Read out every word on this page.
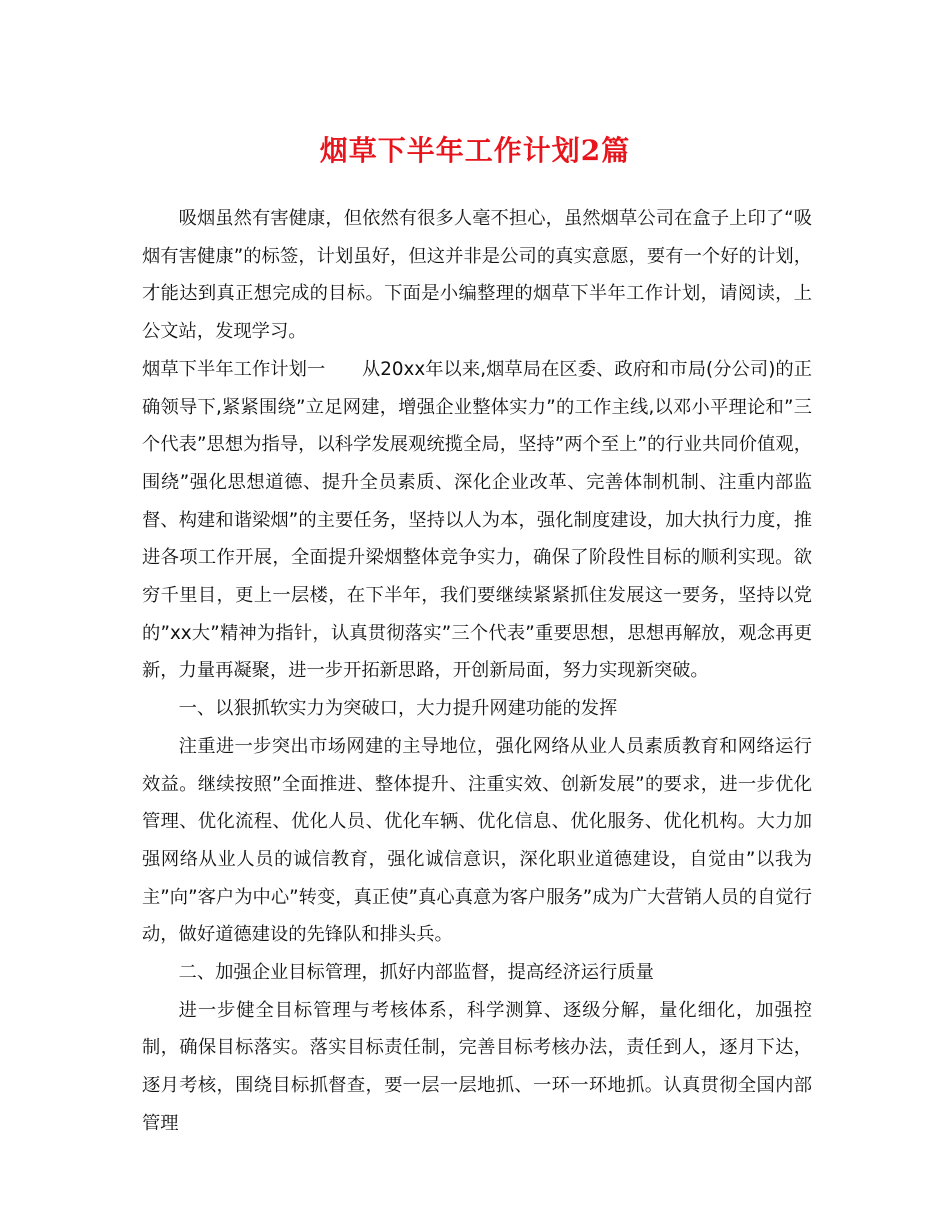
烟草下半年工作计划2篇

吸烟虽然有害健康，但依然有很多人毫不担心，虽然烟草公司在盒子上印了“吸烟有害健康”的标签，计划虽好，但这并非是公司的真实意愿，要有一个好的计划，才能达到真正想完成的目标。下面是小编整理的烟草下半年工作计划，请阅读，上公文站，发现学习。

烟草下半年工作计划一　　从20xx年以来,烟草局在区委、政府和市局(分公司)的正确领导下,紧紧围绕”立足网建，增强企业整体实力”的工作主线,以邓小平理论和”三个代表”思想为指导，以科学发展观统揽全局，坚持”两个至上”的行业共同价值观，围绕”强化思想道德、提升全员素质、深化企业改革、完善体制机制、注重内部监督、构建和谐梁烟”的主要任务，坚持以人为本，强化制度建设，加大执行力度，推进各项工作开展，全面提升梁烟整体竞争实力，确保了阶段性目标的顺利实现。欲穷千里目，更上一层楼，在下半年，我们要继续紧紧抓住发展这一要务，坚持以党的”xx大”精神为指针，认真贯彻落实”三个代表”重要思想，思想再解放，观念再更新，力量再凝聚，进一步开拓新思路，开创新局面，努力实现新突破。

一、以狠抓软实力为突破口，大力提升网建功能的发挥

注重进一步突出市场网建的主导地位，强化网络从业人员素质教育和网络运行效益。继续按照”全面推进、整体提升、注重实效、创新发展”的要求，进一步优化管理、优化流程、优化人员、优化车辆、优化信息、优化服务、优化机构。大力加强网络从业人员的诚信教育，强化诚信意识，深化职业道德建设，自觉由”以我为主”向”客户为中心”转变，真正使”真心真意为客户服务”成为广大营销人员的自觉行动，做好道德建设的先锋队和排头兵。

二、加强企业目标管理，抓好内部监督，提高经济运行质量

进一步健全目标管理与考核体系，科学测算、逐级分解，量化细化，加强控制，确保目标落实。落实目标责任制，完善目标考核办法，责任到人，逐月下达，逐月考核，围绕目标抓督查，要一层一层地抓、一环一环地抓。认真贯彻全国内部管理
